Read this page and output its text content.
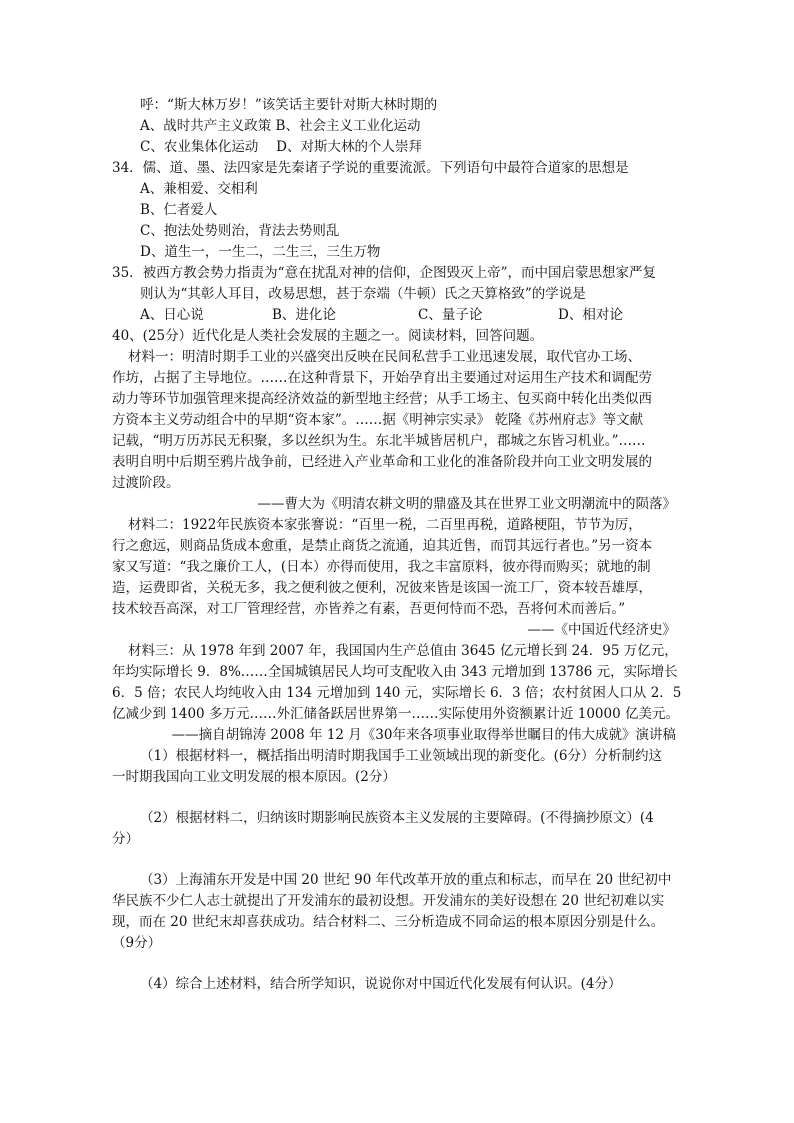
呼：“斯大林万岁！”该笑话主要针对斯大林时期的
A、战时共产主义政策 B、社会主义工业化运动
C、农业集体化运动　 D、对斯大林的个人崇拜
34．儒、道、墨、法四家是先秦诸子学说的重要流派。下列语句中最符合道家的思想是
A、兼相爱、交相利
B、仁者爱人
C、抱法处势则治，背法去势则乱
D、道生一，一生二，二生三，三生万物
35．被西方教会势力指责为“意在扰乱对神的信仰，企图毁灭上帝”，而中国启蒙思想家严复
则认为“其彰人耳目，改易思想，甚于奈端（牛顿）氏之天算格致”的学说是
A、日心说	B、进化论	C、量子论	D、相对论
40、(25分）近代化是人类社会发展的主题之一。阅读材料，回答问题。
材料一：明清时期手工业的兴盛突出反映在民间私营手工业迅速发展，取代官办工场、
作坊，占据了主导地位。……在这种背景下，开始孕育出主要通过对运用生产技术和调配劳
动力等环节加强管理来提高经济效益的新型地主经营；从手工场主、包买商中转化出类似西
方资本主义劳动组合中的早期“资本家”。……据《明神宗实录》 乾隆《苏州府志》等文献
记载，“明万历苏民无积聚，多以丝织为生。东北半城皆居机户，郡城之东皆习机业。”……
表明自明中后期至鸦片战争前，已经进入产业革命和工业化的准备阶段并向工业文明发展的
过渡阶段。
——曹大为《明清农耕文明的鼎盛及其在世界工业文明潮流中的陨落》
材料二：1922年民族资本家张謇说：“百里一税，二百里再税，道路梗阻，节节为厉，
行之愈远，则商品货成本愈重，是禁止商货之流通，迫其近售，而罚其远行者也。”另一资本
家又写道：“我之廉价工人，(日本）亦得而使用，我之丰富原料，彼亦得而购买；就地的制
造，运费即省，关税无多，我之便利彼之便利，况彼来皆是该国一流工厂，资本较吾雄厚，
技术较吾高深，对工厂管理经营，亦皆养之有素，吾更何恃而不恐，吾将何术而善后。”
——《中国近代经济史》
材料三：从 1978 年到 2007 年，我国国内生产总值由 3645 亿元增长到 24．95 万亿元，
年均实际增长 9．8%……全国城镇居民人均可支配收入由 343 元增加到 13786 元，实际增长
6．5 倍；农民人均纯收入由 134 元增加到 140 元，实际增长 6．3 倍；农村贫困人口从 2．5
亿减少到 1400 多万元……外汇储备跃居世界第一……实际使用外资额累计近 10000 亿美元。
——摘自胡锦涛 2008 年 12 月《30年来各项事业取得举世瞩目的伟大成就》演讲稿
（1）根据材料一，概括指出明清时期我国手工业领域出现的新变化。(6分）分析制约这
一时期我国向工业文明发展的根本原因。(2分）
（2）根据材料二，归纳该时期影响民族资本主义发展的主要障碍。(不得摘抄原文）(4
分）
（3）上海浦东开发是中国 20 世纪 90 年代改革开放的重点和标志，而早在 20 世纪初中
华民族不少仁人志士就提出了开发浦东的最初设想。开发浦东的美好设想在 20 世纪初难以实
现，而在 20 世纪末却喜获成功。结合材料二、三分析造成不同命运的根本原因分别是什么。
（9分）
（4）综合上述材料，结合所学知识，说说你对中国近代化发展有何认识。(4分）
